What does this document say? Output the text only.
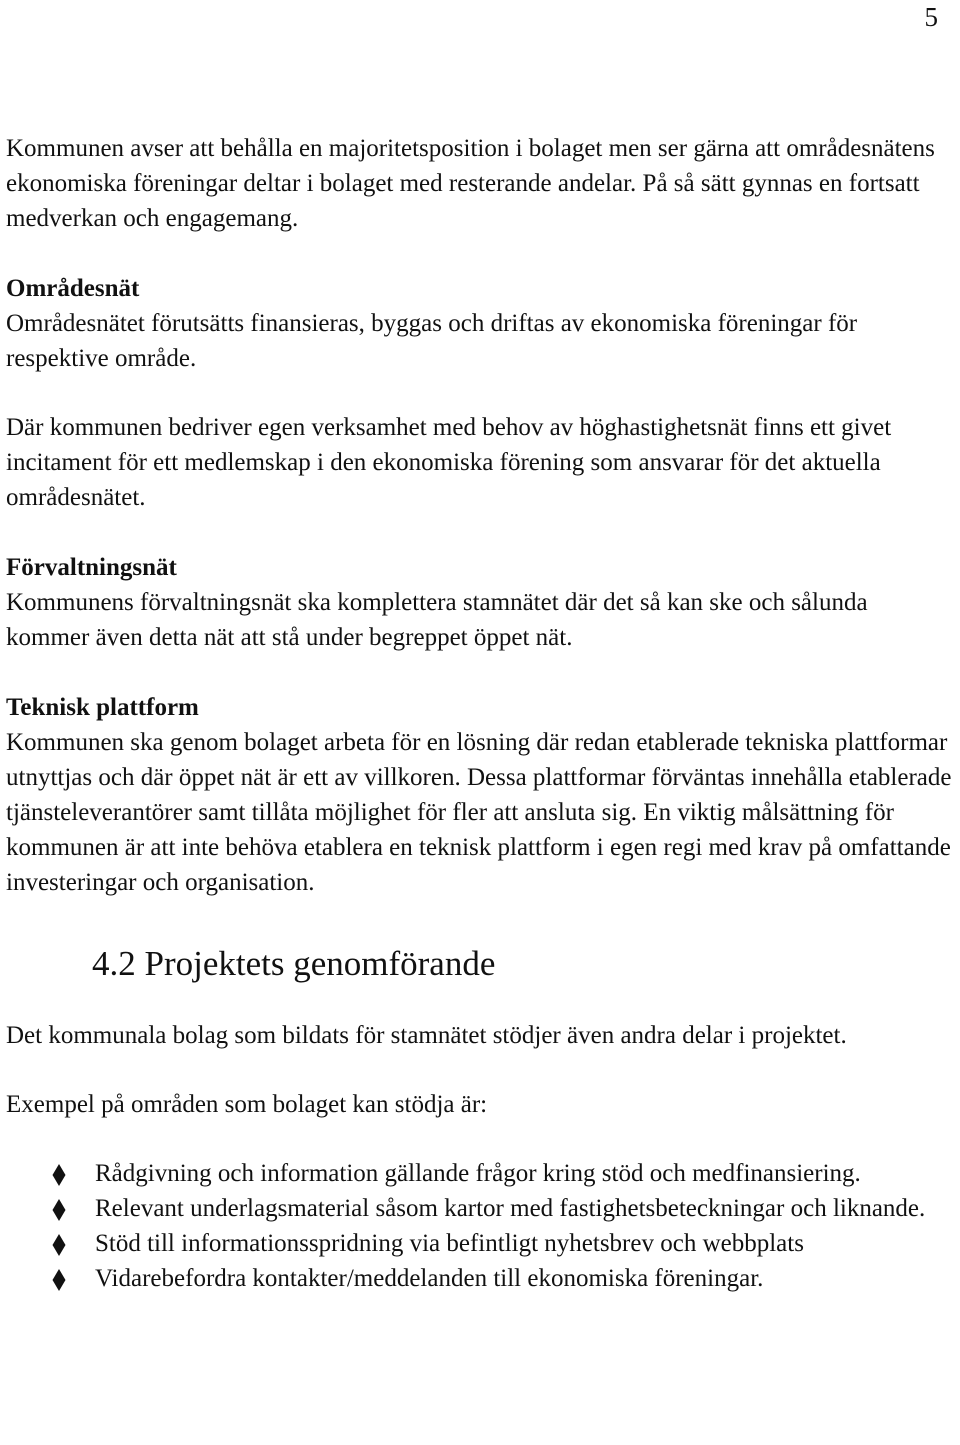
5

Kommunen avser att behålla en majoritetsposition i bolaget men ser gärna att områdesnätens ekonomiska föreningar deltar i bolaget med resterande andelar. På så sätt gynnas en fortsatt medverkan och engagemang.

Områdesnät

Områdesnätet förutsätts finansieras, byggas och driftas av ekonomiska föreningar för respektive område.

Där kommunen bedriver egen verksamhet med behov av höghastighetsnät finns ett givet incitament för ett medlemskap i den ekonomiska förening som ansvarar för det aktuella områdesnätet.

Förvaltningsnät

Kommunens förvaltningsnät ska komplettera stamnätet där det så kan ske och sålunda kommer även detta nät att stå under begreppet öppet nät.

Teknisk plattform

Kommunen ska genom bolaget arbeta för en lösning där redan etablerade tekniska plattformar utnyttjas och där öppet nät är ett av villkoren. Dessa plattformar förväntas innehålla etablerade tjänsteleverantörer samt tillåta möjlighet för fler att ansluta sig. En viktig målsättning för kommunen är att inte behöva etablera en teknisk plattform i egen regi med krav på omfattande investeringar och organisation.

4.2 Projektets genomförande

Det kommunala bolag som bildats för stamnätet stödjer även andra delar i projektet.

Exempel på områden som bolaget kan stödja är:

Rådgivning och information gällande frågor kring stöd och medfinansiering.
Relevant underlagsmaterial såsom kartor med fastighetsbeteckningar och liknande.
Stöd till informationsspridning via befintligt nyhetsbrev och webbplats
Vidarebefordra kontakter/meddelanden till ekonomiska föreningar.
